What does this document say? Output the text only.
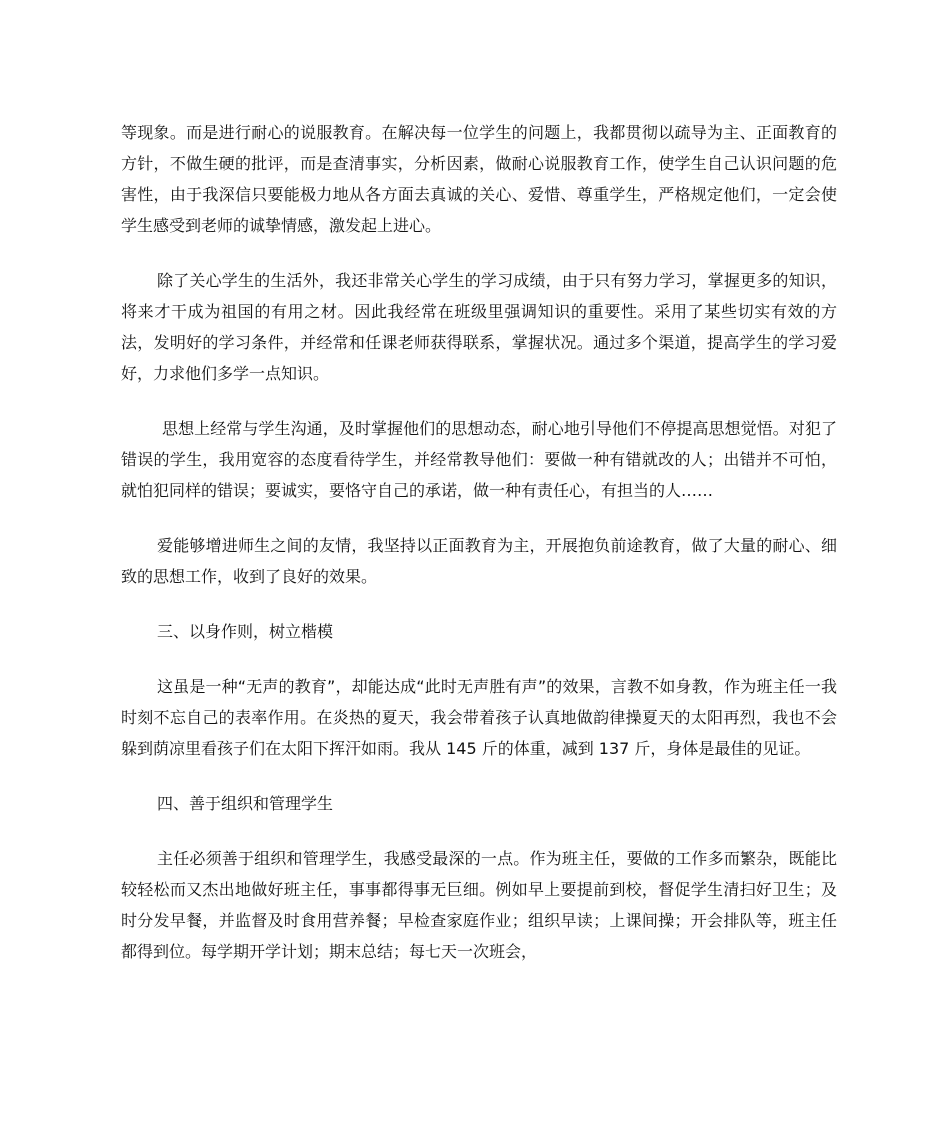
等现象。而是进行耐心的说服教育。在解决每一位学生的问题上，我都贯彻以疏导为主、正面教育的方针，不做生硬的批评，而是查清事实，分析因素，做耐心说服教育工作，使学生自己认识问题的危害性，由于我深信只要能极力地从各方面去真诚的关心、爱惜、尊重学生，严格规定他们，一定会使学生感受到老师的诚挚情感，激发起上进心。

除了关心学生的生活外，我还非常关心学生的学习成绩，由于只有努力学习，掌握更多的知识，将来才干成为祖国的有用之材。因此我经常在班级里强调知识的重要性。采用了某些切实有效的方法，发明好的学习条件，并经常和任课老师获得联系，掌握状况。通过多个渠道，提高学生的学习爱好，力求他们多学一点知识。

思想上经常与学生沟通，及时掌握他们的思想动态，耐心地引导他们不停提高思想觉悟。对犯了错误的学生，我用宽容的态度看待学生，并经常教导他们：要做一种有错就改的人；出错并不可怕，就怕犯同样的错误；要诚实，要恪守自己的承诺，做一种有责任心，有担当的人……

爱能够增进师生之间的友情，我坚持以正面教育为主，开展抱负前途教育，做了大量的耐心、细致的思想工作，收到了良好的效果。

三、以身作则，树立楷模

这虽是一种“无声的教育”，却能达成“此时无声胜有声”的效果，言教不如身教，作为班主任一我时刻不忘自己的表率作用。在炎热的夏天，我会带着孩子认真地做韵律操夏天的太阳再烈，我也不会躲到荫凉里看孩子们在太阳下挥汗如雨。我从 145 斤的体重，减到 137 斤，身体是最佳的见证。

四、善于组织和管理学生

主任必须善于组织和管理学生，我感受最深的一点。作为班主任，要做的工作多而繁杂，既能比较轻松而又杰出地做好班主任，事事都得事无巨细。例如早上要提前到校，督促学生清扫好卫生；及时分发早餐，并监督及时食用营养餐；早检查家庭作业；组织早读；上课间操；开会排队等，班主任都得到位。每学期开学计划；期末总结；每七天一次班会，
